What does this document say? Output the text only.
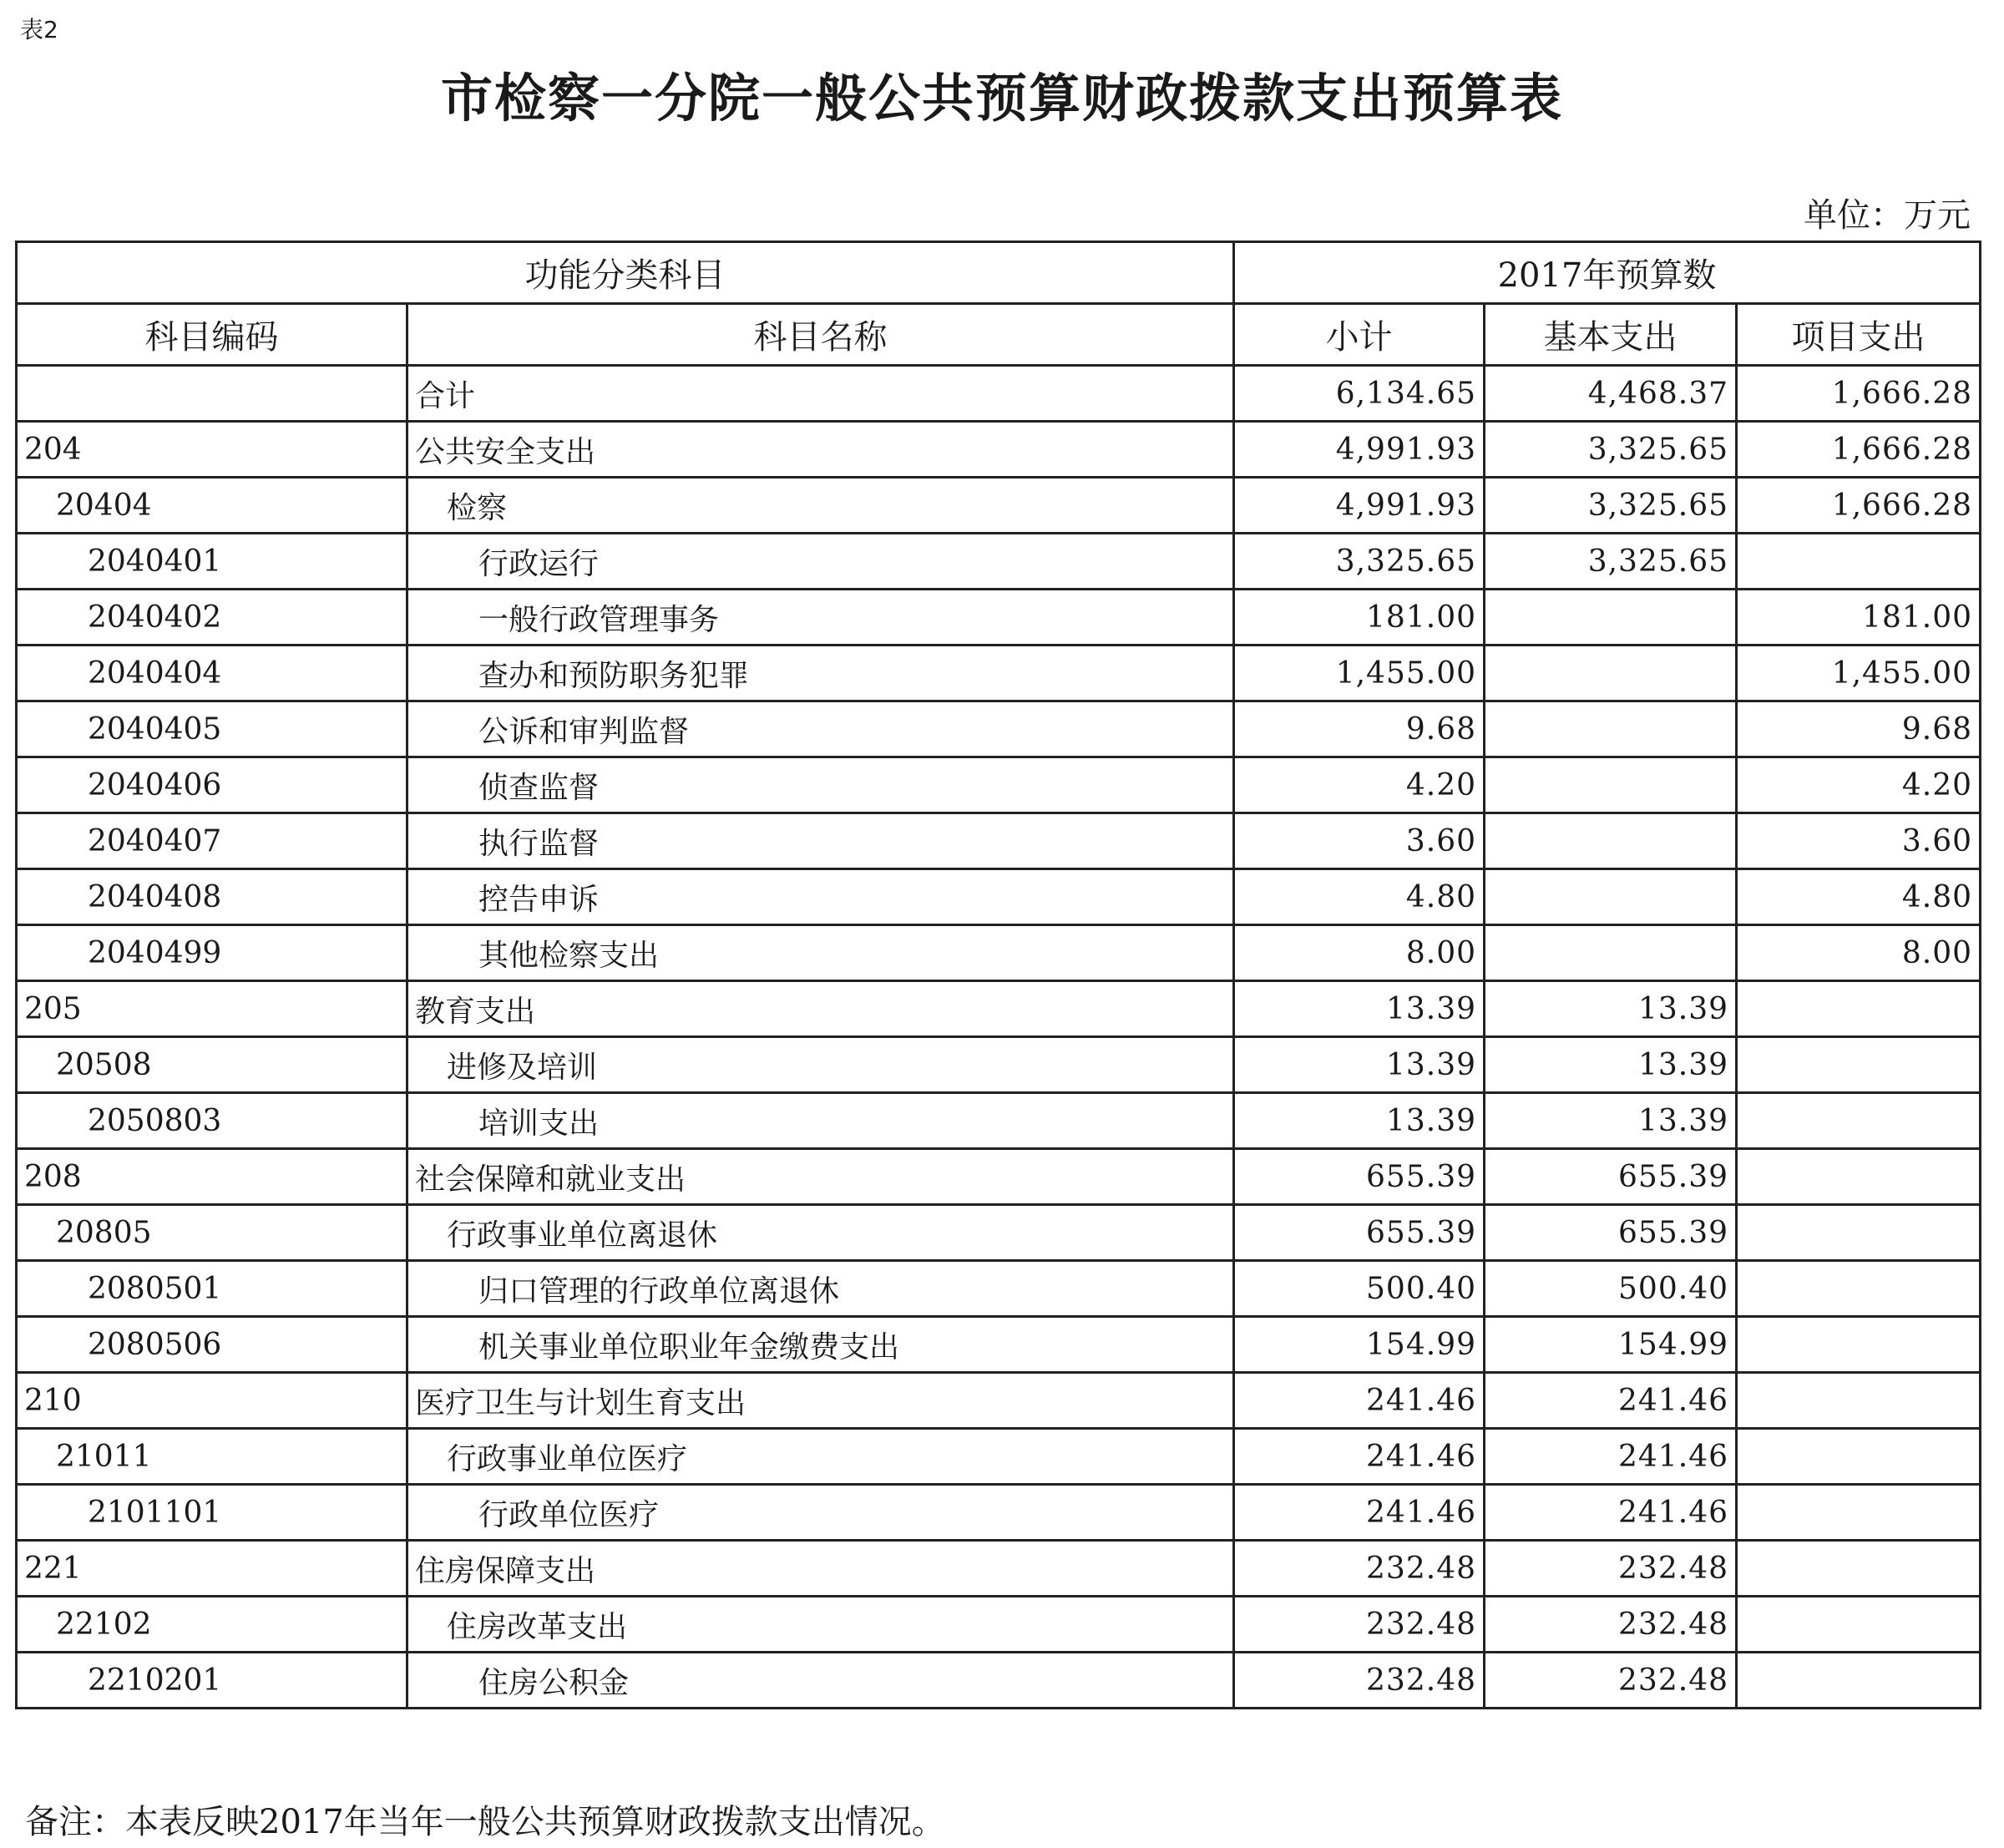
表2
市检察一分院一般公共预算财政拨款支出预算表
单位：万元
功能分类科目		2017年预算数		
科目编码	科目名称	小计	基本支出	项目支出
	合计	6,134.65	4,468.37	1,666.28
204	公共安全支出	4,991.93	3,325.65	1,666.28
20404	检察	4,991.93	3,325.65	1,666.28
2040401	行政运行	3,325.65	3,325.65	
2040402	一般行政管理事务	181.00		181.00
2040404	查办和预防职务犯罪	1,455.00		1,455.00
2040405	公诉和审判监督	9.68		9.68
2040406	侦查监督	4.20		4.20
2040407	执行监督	3.60		3.60
2040408	控告申诉	4.80		4.80
2040499	其他检察支出	8.00		8.00
205	教育支出	13.39	13.39	
20508	进修及培训	13.39	13.39	
2050803	培训支出	13.39	13.39	
208	社会保障和就业支出	655.39	655.39	
20805	行政事业单位离退休	655.39	655.39	
2080501	归口管理的行政单位离退休	500.40	500.40	
2080506	机关事业单位职业年金缴费支出	154.99	154.99	
210	医疗卫生与计划生育支出	241.46	241.46	
21011	行政事业单位医疗	241.46	241.46	
2101101	行政单位医疗	241.46	241.46	
221	住房保障支出	232.48	232.48	
22102	住房改革支出	232.48	232.48	
2210201	住房公积金	232.48	232.48	
备注：本表反映2017年当年一般公共预算财政拨款支出情况。
